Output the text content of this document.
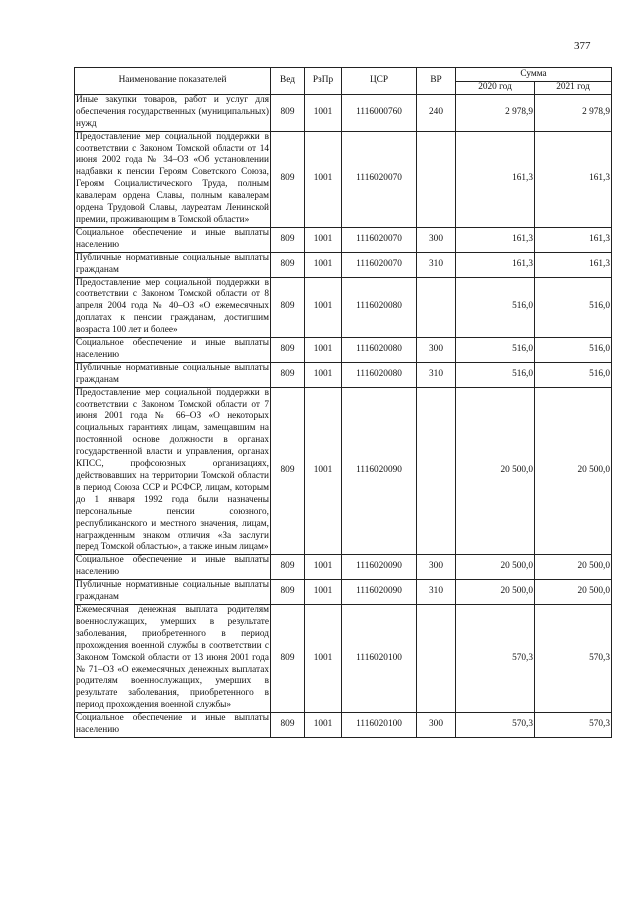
377
Наименование показателей	Вед	РзПр	ЦСР	ВР	Сумма	
					2020 год	2021 год
Иные закупки товаров, работ и услуг для обеспечения государственных (муниципальных) нужд	809	1001	1116000760	240	2 978,9	2 978,9
Предоставление мер социальной поддержки в соответствии с Законом Томской области от 14 июня 2002 года № 34–ОЗ «Об установлении надбавки к пенсии Героям Советского Союза, Героям Социалистического Труда, полным кавалерам ордена Славы, полным кавалерам ордена Трудовой Славы, лауреатам Ленинской премии, проживающим в Томской области»	809	1001	1116020070		161,3	161,3
Социальное обеспечение и иные выплаты населению	809	1001	1116020070	300	161,3	161,3
Публичные нормативные социальные выплаты гражданам	809	1001	1116020070	310	161,3	161,3
Предоставление мер социальной поддержки в соответствии с Законом Томской области от 8 апреля 2004 года № 40–ОЗ «О ежемесячных доплатах к пенсии гражданам, достигшим возраста 100 лет и более»	809	1001	1116020080		516,0	516,0
Социальное обеспечение и иные выплаты населению	809	1001	1116020080	300	516,0	516,0
Публичные нормативные социальные выплаты гражданам	809	1001	1116020080	310	516,0	516,0
Предоставление мер социальной поддержки в соответствии с Законом Томской области от 7 июня 2001 года № 66–ОЗ «О некоторых социальных гарантиях лицам, замещавшим на постоянной основе должности в органах государственной власти и управления, органах КПСС, профсоюзных организациях, действовавших на территории Томской области в период Союза ССР и РСФСР, лицам, которым до 1 января 1992 года были назначены персональные пенсии союзного, республиканского и местного значения, лицам, награжденным знаком отличия «За заслуги перед Томской областью», а также иным лицам»	809	1001	1116020090		20 500,0	20 500,0
Социальное обеспечение и иные выплаты населению	809	1001	1116020090	300	20 500,0	20 500,0
Публичные нормативные социальные выплаты гражданам	809	1001	1116020090	310	20 500,0	20 500,0
Ежемесячная денежная выплата родителям военнослужащих, умерших в результате заболевания, приобретенного в период прохождения военной службы в соответствии с Законом Томской области от 13 июня 2001 года № 71–ОЗ «О ежемесячных денежных выплатах родителям военнослужащих, умерших в результате заболевания, приобретенного в период прохождения военной службы»	809	1001	1116020100		570,3	570,3
Социальное обеспечение и иные выплаты населению	809	1001	1116020100	300	570,3	570,3
